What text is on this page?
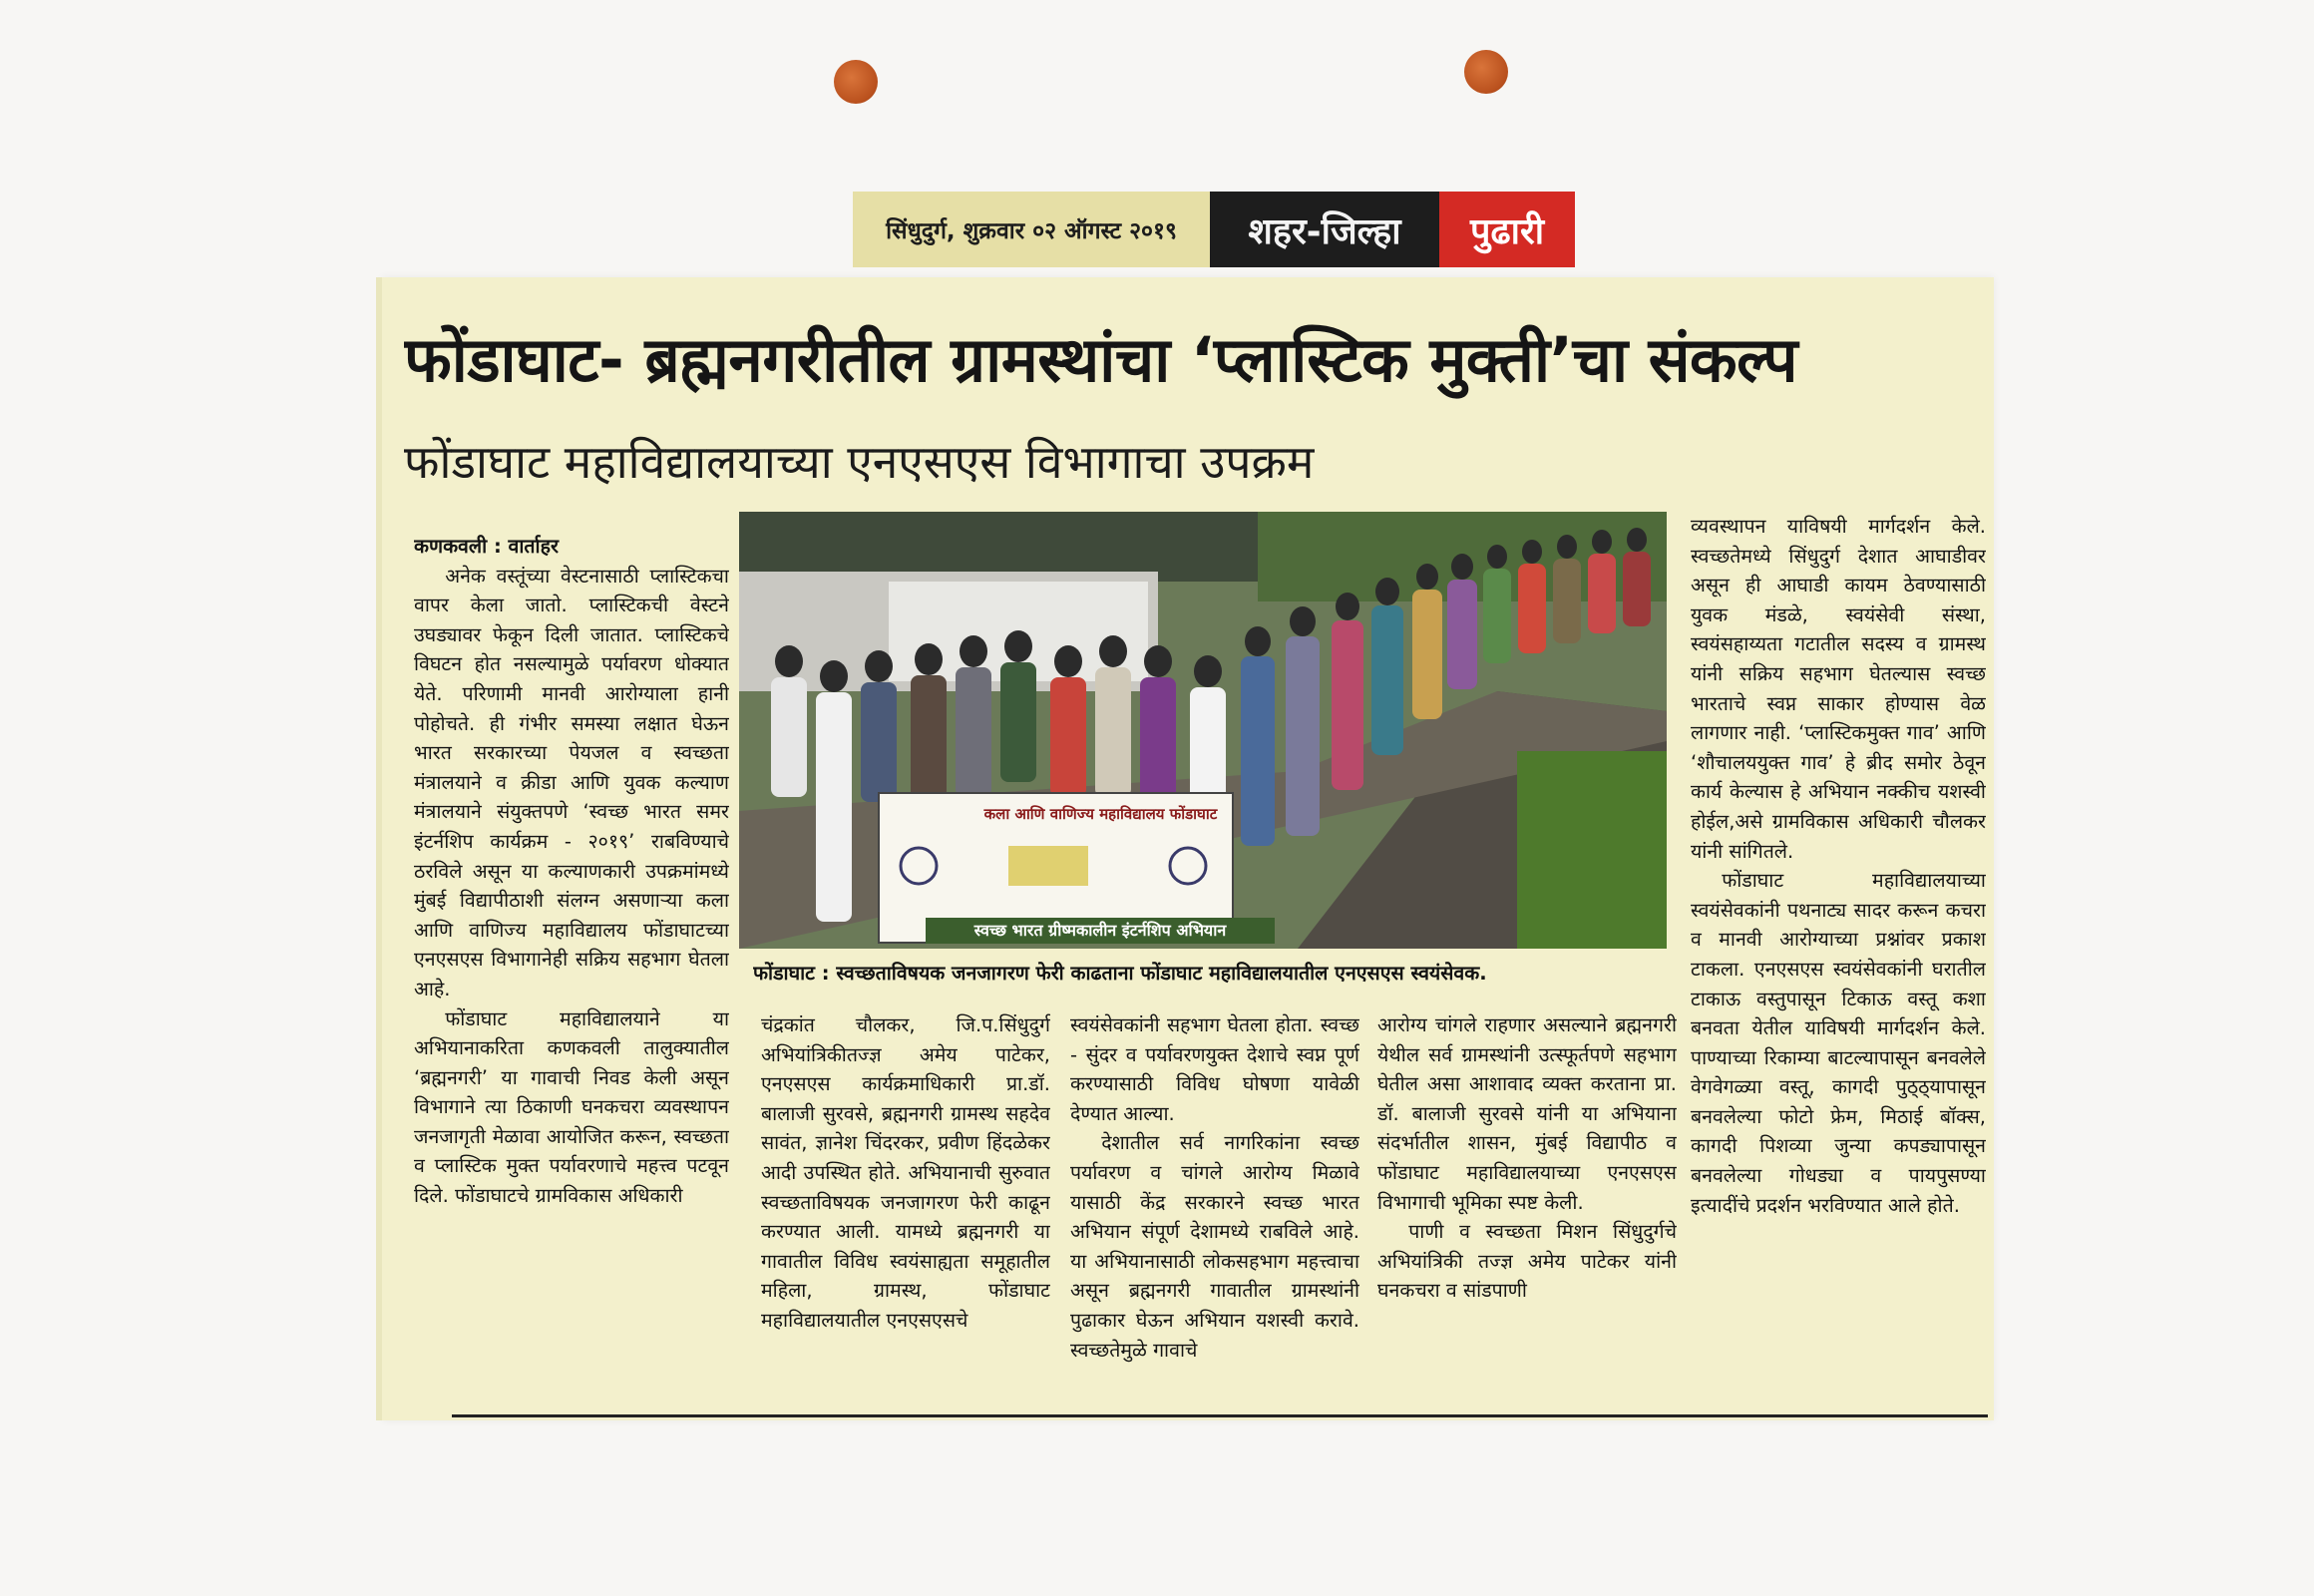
सिंधुदुर्ग, शुक्रवार ०२ ऑगस्ट २०१९	शहर-जिल्हा	पुढारी
फोंडाघाट- ब्रह्मनगरीतील ग्रामस्थांचा ‘प्लास्टिक मुक्ती’चा संकल्प
फोंडाघाट महाविद्यालयाच्या एनएसएस विभागाचा उपक्रम
कणकवली : वार्ताहर

अनेक वस्तूंच्या वेस्टनासाठी प्लास्टिकचा वापर केला जातो. प्लास्टिकची वेस्टने उघड्यावर फेकून दिली जातात. प्लास्टिकचे विघटन होत नसल्यामुळे पर्यावरण धोक्यात येते. परिणामी मानवी आरोग्याला हानी पोहोचते. ही गंभीर समस्या लक्षात घेऊन भारत सरकारच्या पेयजल व स्वच्छता मंत्रालयाने व क्रीडा आणि युवक कल्याण मंत्रालयाने संयुक्तपणे ‘स्वच्छ भारत समर इंटर्नशिप कार्यक्रम - २०१९’ राबविण्याचे ठरविले असून या कल्याणकारी उपक्रमांमध्ये मुंबई विद्यापीठाशी संलग्न असणाऱ्या कला आणि वाणिज्य महाविद्यालय फोंडाघाटच्या एनएसएस विभागानेही सक्रिय सहभाग घेतला आहे.

फोंडाघाट महाविद्यालयाने या अभियानाकरिता कणकवली तालुक्यातील ‘ब्रह्मनगरी’ या गावाची निवड केली असून विभागाने त्या ठिकाणी घनकचरा व्यवस्थापन जनजागृती मेळावा आयोजित करून, स्वच्छता व प्लास्टिक मुक्त पर्यावरणाचे महत्त्व पटवून दिले. फोंडाघाटचे ग्रामविकास अधिकारी

कला आणि वाणिज्य महाविद्यालय फोंडाघाट
स्वच्छ भारत ग्रीष्मकालीन इंटर्नशिप अभियान
फोंडाघाट : स्वच्छताविषयक जनजागरण फेरी काढताना फोंडाघाट महाविद्यालयातील एनएसएस स्वयंसेवक.

चंद्रकांत चौलकर, जि.प.सिंधुदुर्ग अभियांत्रिकीतज्ज्ञ अमेय पाटेकर, एनएसएस कार्यक्रमाधिकारी प्रा.डॉ. बालाजी सुरवसे, ब्रह्मनगरी ग्रामस्थ सहदेव सावंत, ज्ञानेश चिंदरकर, प्रवीण हिंदळेकर आदी उपस्थित होते. अभियानाची सुरुवात स्वच्छताविषयक जनजागरण फेरी काढून करण्यात आली. यामध्ये ब्रह्मनगरी या गावातील विविध स्वयंसाह्यता समूहातील महिला, ग्रामस्थ, फोंडाघाट महाविद्यालयातील एनएसएसचे

स्वयंसेवकांनी सहभाग घेतला होता. स्वच्छ - सुंदर व पर्यावरणयुक्त देशाचे स्वप्न पूर्ण करण्यासाठी विविध घोषणा यावेळी देण्यात आल्या.

देशातील सर्व नागरिकांना स्वच्छ पर्यावरण व चांगले आरोग्य मिळावे यासाठी केंद्र सरकारने स्वच्छ भारत अभियान संपूर्ण देशामध्ये राबविले आहे. या अभियानासाठी लोकसहभाग महत्त्वाचा असून ब्रह्मनगरी गावातील ग्रामस्थांनी पुढाकार घेऊन अभियान यशस्वी करावे. स्वच्छतेमुळे गावाचे

आरोग्य चांगले राहणार असल्याने ब्रह्मनगरी येथील सर्व ग्रामस्थांनी उत्स्फूर्तपणे सहभाग घेतील असा आशावाद व्यक्त करताना प्रा. डॉ. बालाजी सुरवसे यांनी या अभियाना संदर्भातील शासन, मुंबई विद्यापीठ व फोंडाघाट महाविद्यालयाच्या एनएसएस विभागाची भूमिका स्पष्ट केली.

पाणी व स्वच्छता मिशन सिंधुदुर्गचे अभियांत्रिकी तज्ज्ञ अमेय पाटेकर यांनी घनकचरा व सांडपाणी

व्यवस्थापन याविषयी मार्गदर्शन केले. स्वच्छतेमध्ये सिंधुदुर्ग देशात आघाडीवर असून ही आघाडी कायम ठेवण्यासाठी युवक मंडळे, स्वयंसेवी संस्था, स्वयंसहाय्यता गटातील सदस्य व ग्रामस्थ यांनी सक्रिय सहभाग घेतल्यास स्वच्छ भारताचे स्वप्न साकार होण्यास वेळ लागणार नाही. ‘प्लास्टिकमुक्त गाव’ आणि ‘शौचालययुक्त गाव’ हे ब्रीद समोर ठेवून कार्य केल्यास हे अभियान नक्कीच यशस्वी होईल,असे ग्रामविकास अधिकारी चौलकर यांनी सांगितले.

फोंडाघाट महाविद्यालयाच्या स्वयंसेवकांनी पथनाट्य सादर करून कचरा व मानवी आरोग्याच्या प्रश्नांवर प्रकाश टाकला. एनएसएस स्वयंसेवकांनी घरातील टाकाऊ वस्तुपासून टिकाऊ वस्तू कशा बनवता येतील याविषयी मार्गदर्शन केले. पाण्याच्या रिकाम्या बाटल्यापासून बनवलेले वेगवेगळ्या वस्तू, कागदी पुठ्ठ्यापासून बनवलेल्या फोटो फ्रेम, मिठाई बॉक्स, कागदी पिशव्या जुन्या कपड्यापासून बनवलेल्या गोधड्या व पायपुसण्या इत्यादींचे प्रदर्शन भरविण्यात आले होते.
